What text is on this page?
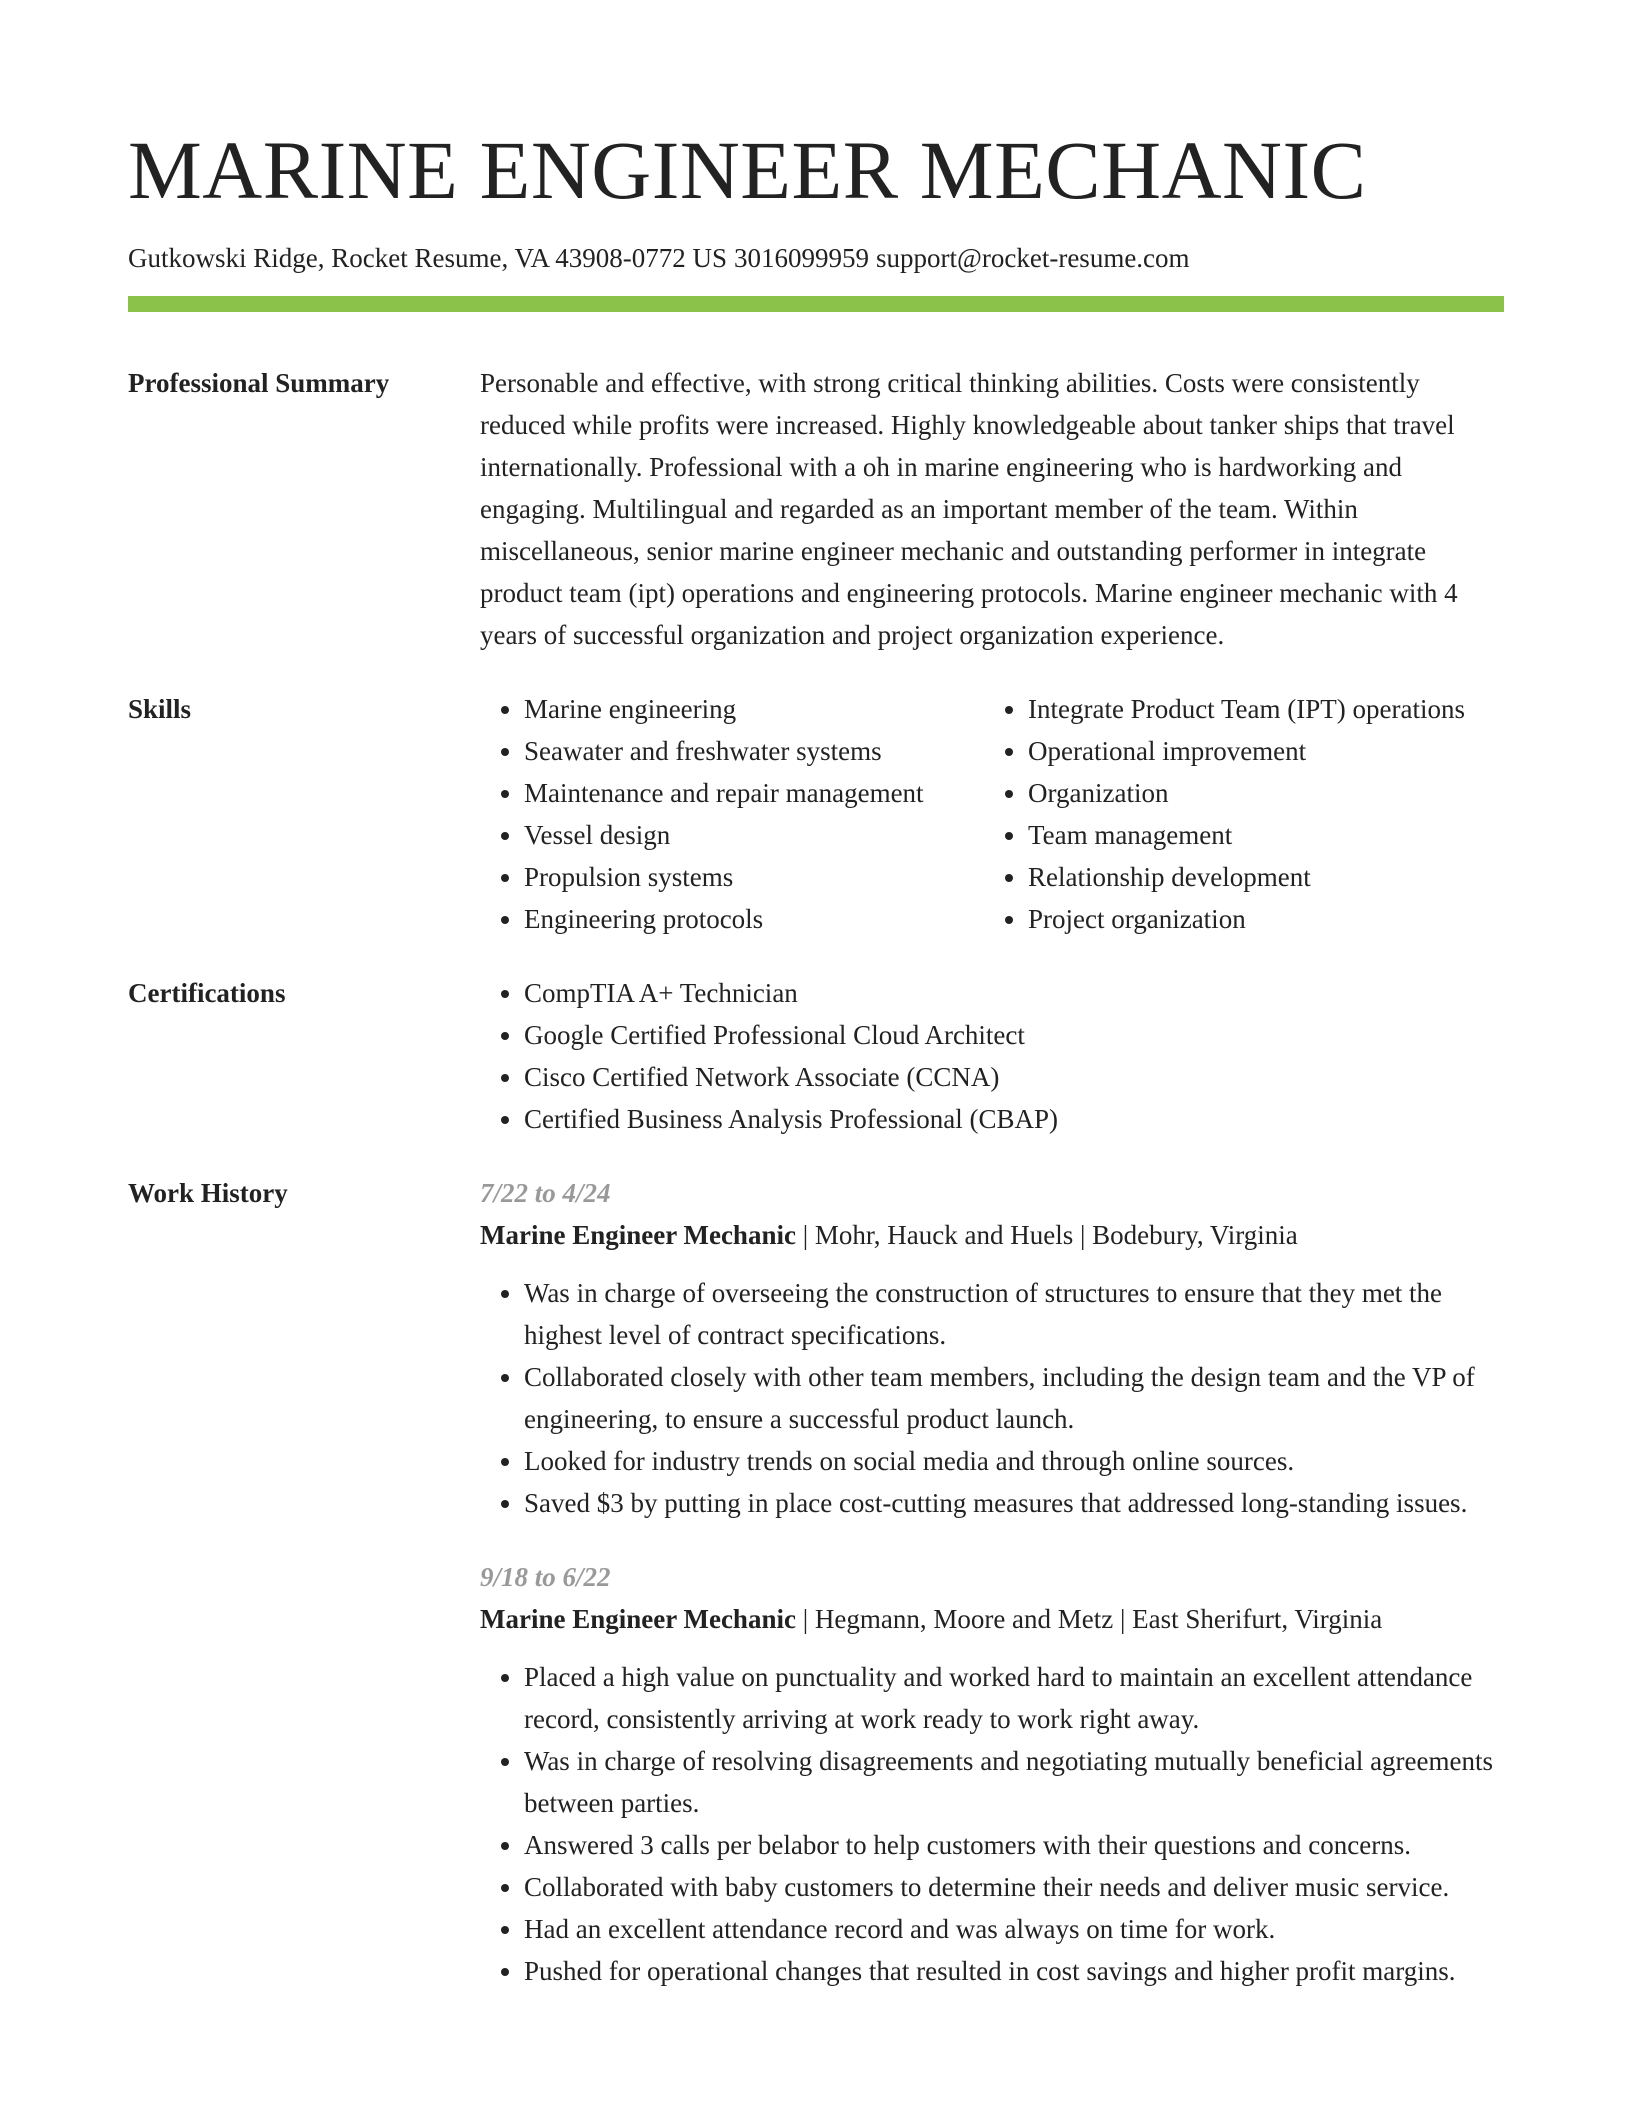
MARINE ENGINEER MECHANIC
Gutkowski Ridge, Rocket Resume, VA 43908-0772 US 3016099959 support@rocket-resume.com
Professional Summary	Personable and effective, with strong critical thinking abilities. Costs were consistently reduced while profits were increased. Highly knowledgeable about tanker ships that travel internationally. Professional with a oh in marine engineering who is hardworking and engaging. Multilingual and regarded as an important member of the team. Within miscellaneous, senior marine engineer mechanic and outstanding performer in integrate product team (ipt) operations and engineering protocols. Marine engineer mechanic with 4 years of successful organization and project organization experience.

Skills	• Marine engineering
• Seawater and freshwater systems
• Maintenance and repair management
• Vessel design
• Propulsion systems
• Engineering protocols
• Integrate Product Team (IPT) operations
• Operational improvement
• Organization
• Team management
• Relationship development
• Project organization
Certifications	• CompTIA A+ Technician
• Google Certified Professional Cloud Architect
• Cisco Certified Network Associate (CCNA)
• Certified Business Analysis Professional (CBAP)
Work History	7/22 to 4/24
Marine Engineer Mechanic | Mohr, Hauck and Huels | Bodebury, Virginia
• Was in charge of overseeing the construction of structures to ensure that they met the highest level of contract specifications.
• Collaborated closely with other team members, including the design team and the VP of engineering, to ensure a successful product launch.
• Looked for industry trends on social media and through online sources.
• Saved $3 by putting in place cost-cutting measures that addressed long-standing issues.
9/18 to 6/22
Marine Engineer Mechanic | Hegmann, Moore and Metz | East Sherifurt, Virginia
• Placed a high value on punctuality and worked hard to maintain an excellent attendance record, consistently arriving at work ready to work right away.
• Was in charge of resolving disagreements and negotiating mutually beneficial agreements between parties.
• Answered 3 calls per belabor to help customers with their questions and concerns.
• Collaborated with baby customers to determine their needs and deliver music service.
• Had an excellent attendance record and was always on time for work.
• Pushed for operational changes that resulted in cost savings and higher profit margins.
